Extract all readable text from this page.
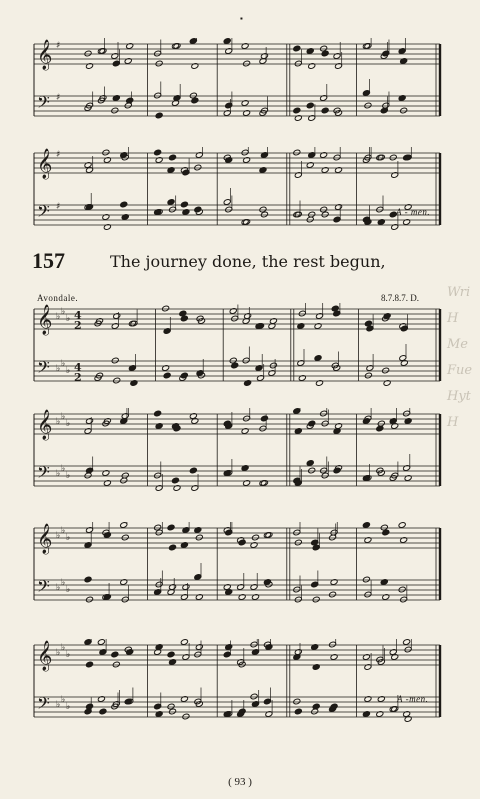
▪
𝄞 ♯
𝄢 ♯
𝄞 ♯
𝄢 ♯	A - men.
157	The journey done, the rest begun,
Avondale.	8.7.8.7. D.
𝄞 ♭ ♭
♭ 4
2
𝄢 ♭ ♭
♭ 4
2
𝄞 ♭ ♭
♭
𝄢 ♭ ♭
♭
𝄞 ♭ ♭
♭
𝄢 ♭ ♭
♭
𝄞 ♭ ♭
♭
𝄢 ♭ ♭
♭
A -men.
( 93 )
Wri
H
Me
Fue
Hyt
H
